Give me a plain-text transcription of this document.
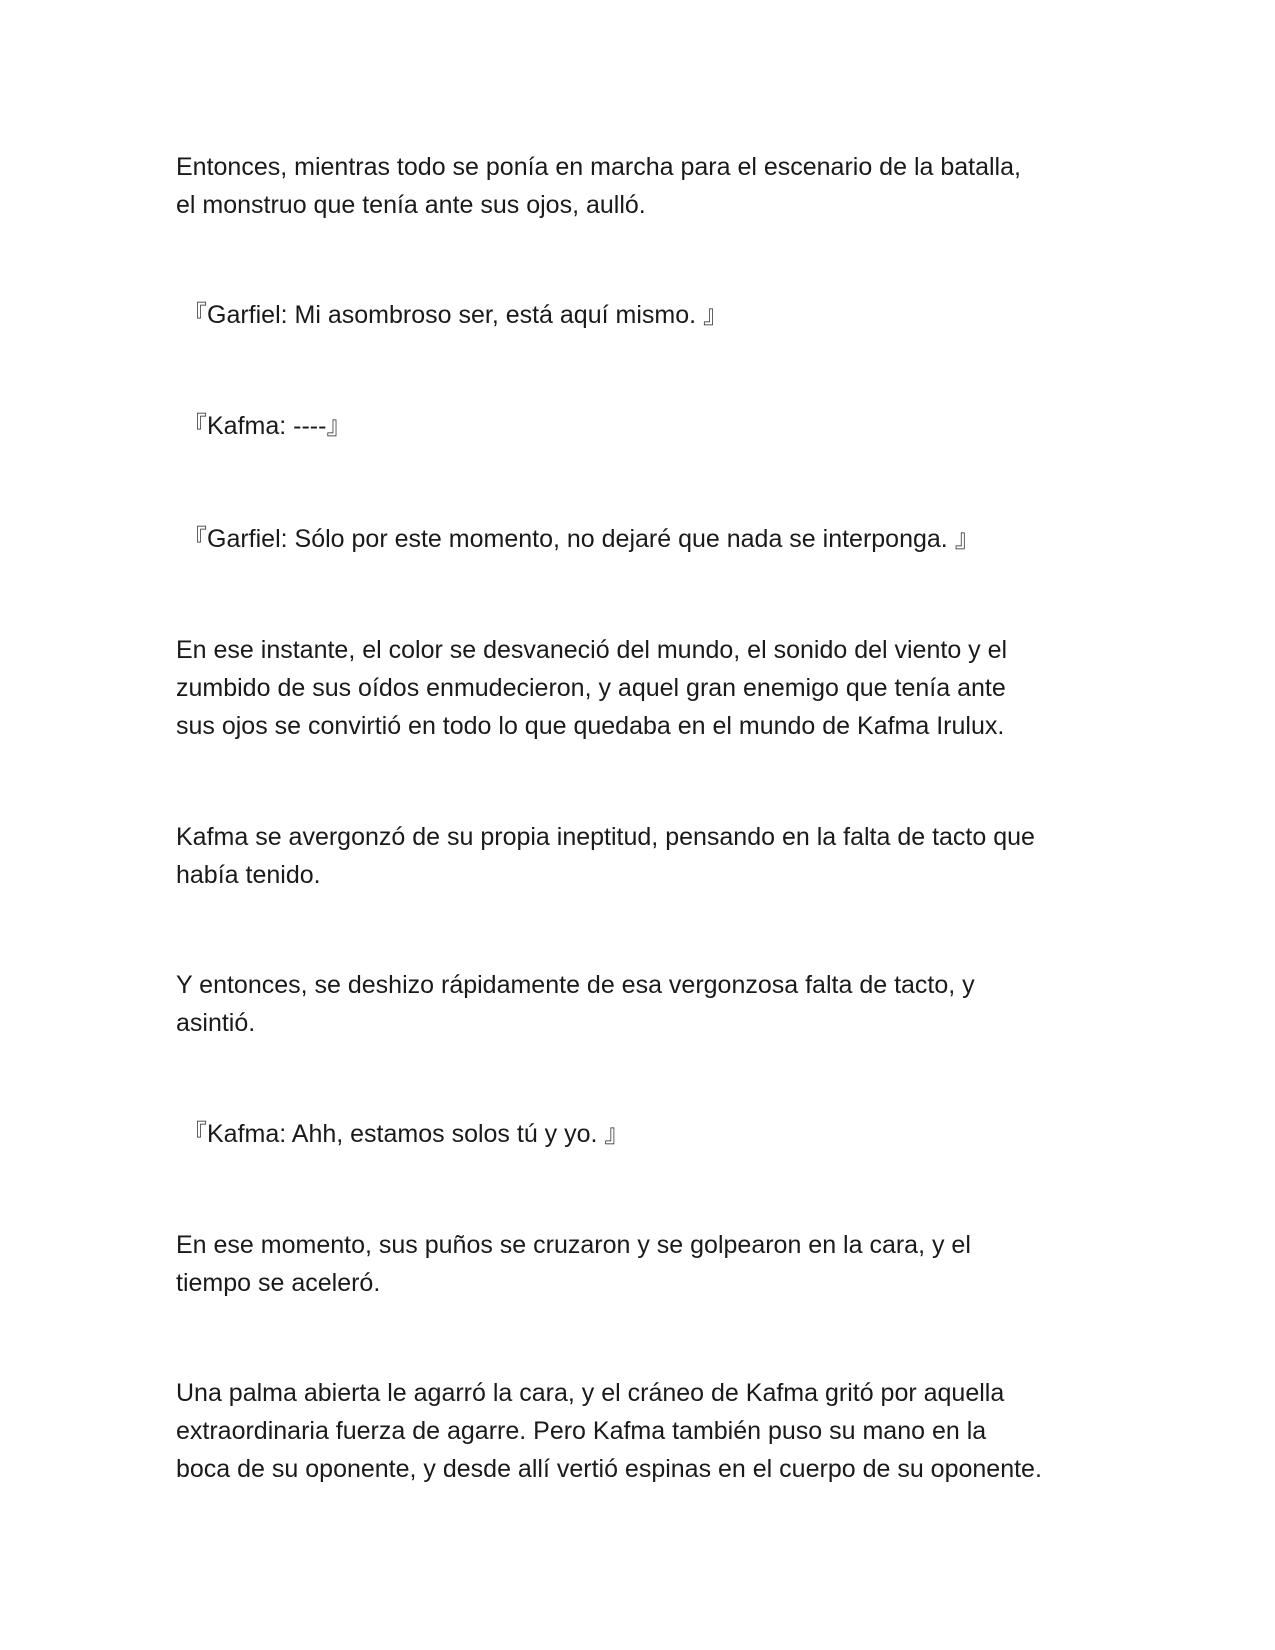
Entonces, mientras todo se ponía en marcha para el escenario de la batalla,
el monstruo que tenía ante sus ojos, aulló.

『Garfiel: Mi asombroso ser, está aquí mismo. 』

『Kafma: ----』

『Garfiel: Sólo por este momento, no dejaré que nada se interponga. 』

En ese instante, el color se desvaneció del mundo, el sonido del viento y el
zumbido de sus oídos enmudecieron, y aquel gran enemigo que tenía ante
sus ojos se convirtió en todo lo que quedaba en el mundo de Kafma Irulux.

Kafma se avergonzó de su propia ineptitud, pensando en la falta de tacto que
había tenido.

Y entonces, se deshizo rápidamente de esa vergonzosa falta de tacto, y
asintió.

『Kafma: Ahh, estamos solos tú y yo. 』

En ese momento, sus puños se cruzaron y se golpearon en la cara, y el
tiempo se aceleró.

Una palma abierta le agarró la cara, y el cráneo de Kafma gritó por aquella
extraordinaria fuerza de agarre. Pero Kafma también puso su mano en la
boca de su oponente, y desde allí vertió espinas en el cuerpo de su oponente.
